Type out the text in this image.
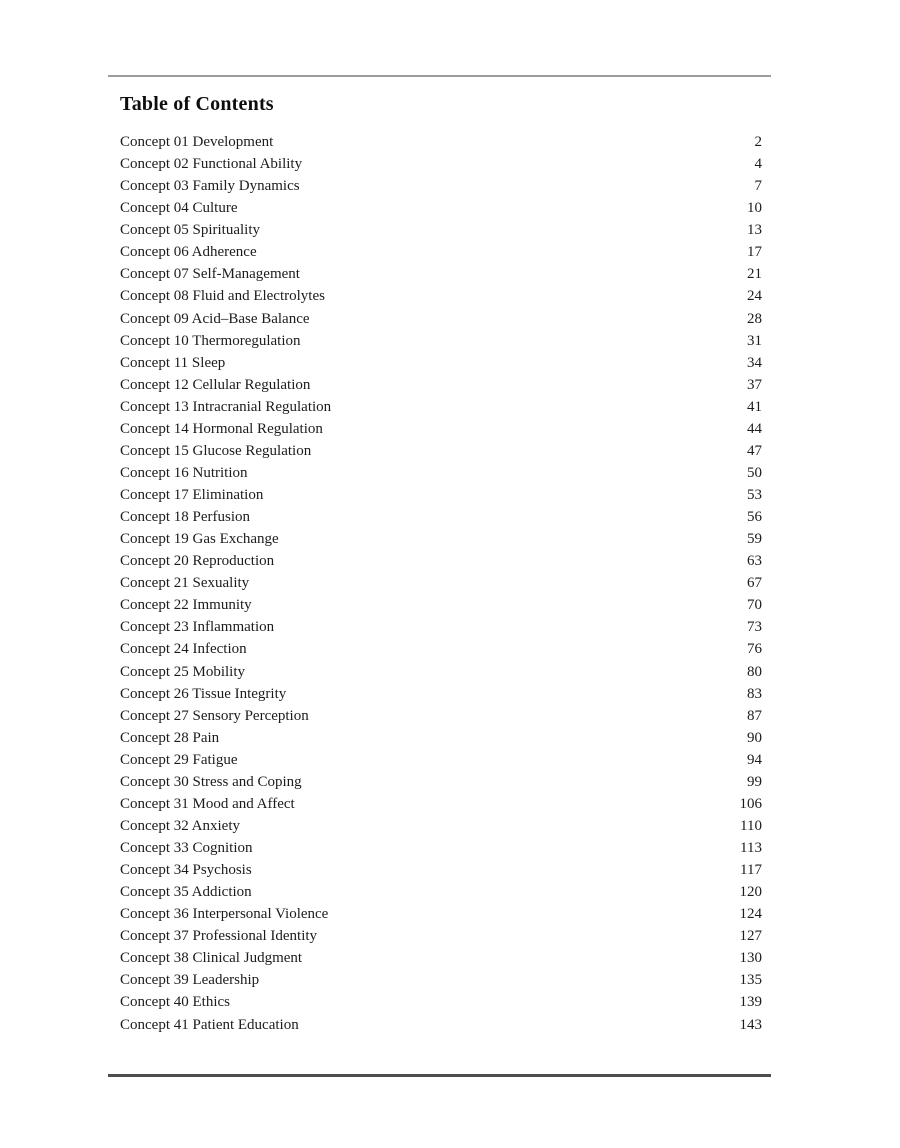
Table of Contents
Concept 01 Development	2
Concept 02 Functional Ability	4
Concept 03 Family Dynamics	7
Concept 04 Culture	10
Concept 05 Spirituality	13
Concept 06 Adherence	17
Concept 07 Self-Management	21
Concept 08 Fluid and Electrolytes	24
Concept 09 Acid–Base Balance	28
Concept 10 Thermoregulation	31
Concept 11 Sleep	34
Concept 12 Cellular Regulation	37
Concept 13 Intracranial Regulation	41
Concept 14 Hormonal Regulation	44
Concept 15 Glucose Regulation	47
Concept 16 Nutrition	50
Concept 17 Elimination	53
Concept 18 Perfusion	56
Concept 19 Gas Exchange	59
Concept 20 Reproduction	63
Concept 21 Sexuality	67
Concept 22 Immunity	70
Concept 23 Inflammation	73
Concept 24 Infection	76
Concept 25 Mobility	80
Concept 26 Tissue Integrity	83
Concept 27 Sensory Perception	87
Concept 28 Pain	90
Concept 29 Fatigue	94
Concept 30 Stress and Coping	99
Concept 31 Mood and Affect	106
Concept 32 Anxiety	110
Concept 33 Cognition	113
Concept 34 Psychosis	117
Concept 35 Addiction	120
Concept 36 Interpersonal Violence	124
Concept 37 Professional Identity	127
Concept 38 Clinical Judgment	130
Concept 39 Leadership	135
Concept 40 Ethics	139
Concept 41 Patient Education	143
